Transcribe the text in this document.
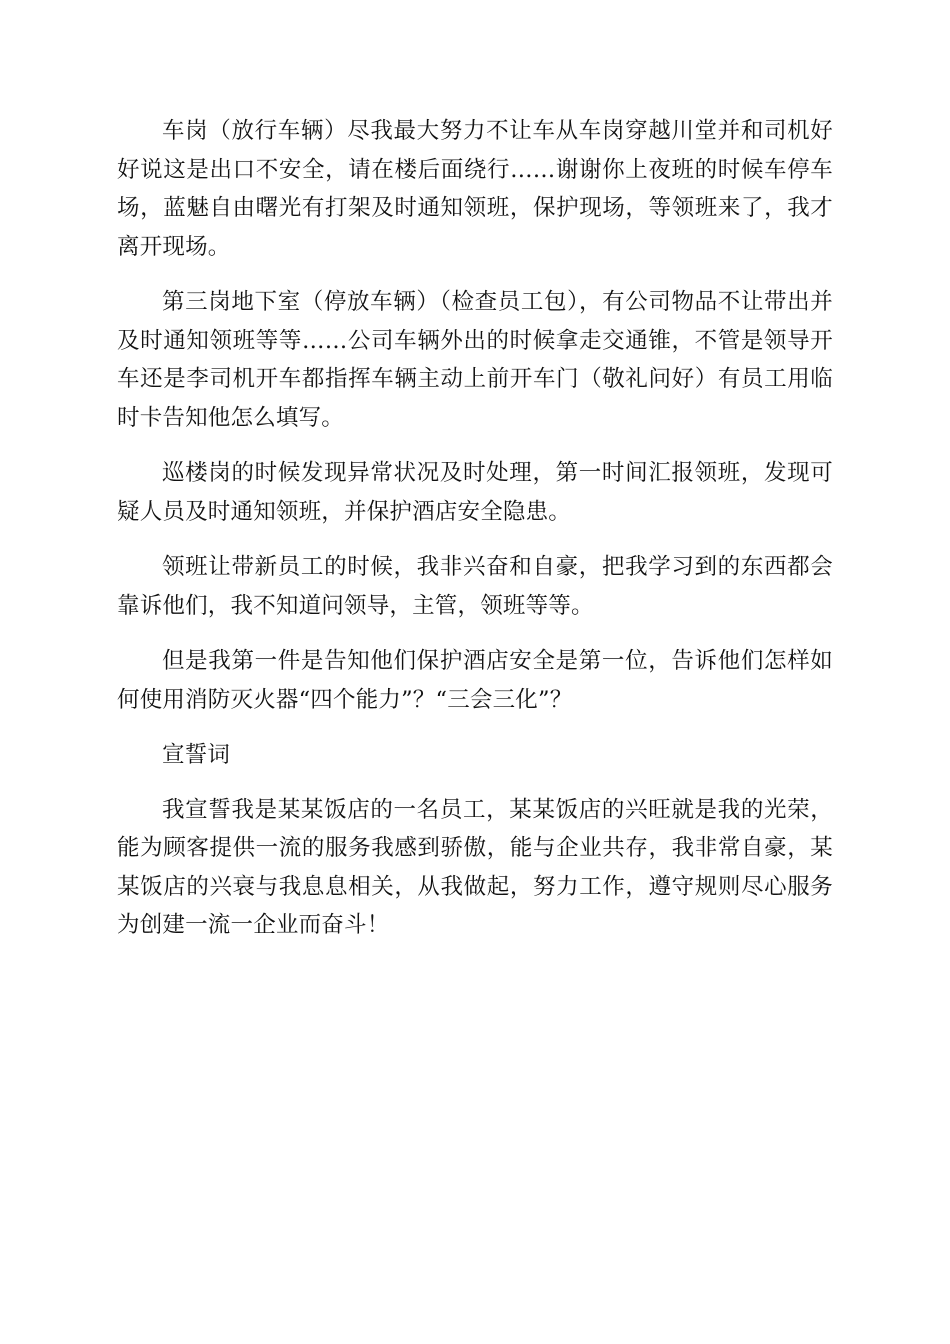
车岗（放行车辆）尽我最大努力不让车从车岗穿越川堂并和司机好好说这是出口不安全，请在楼后面绕行……谢谢你上夜班的时候车停车场，蓝魅自由曙光有打架及时通知领班，保护现场，等领班来了，我才离开现场。

第三岗地下室（停放车辆）（检查员工包），有公司物品不让带出并及时通知领班等等……公司车辆外出的时候拿走交通锥，不管是领导开车还是李司机开车都指挥车辆主动上前开车门（敬礼问好）有员工用临时卡告知他怎么填写。

巡楼岗的时候发现异常状况及时处理，第一时间汇报领班，发现可疑人员及时通知领班，并保护酒店安全隐患。

领班让带新员工的时候，我非兴奋和自豪，把我学习到的东西都会靠诉他们，我不知道问领导，主管，领班等等。

但是我第一件是告知他们保护酒店安全是第一位，告诉他们怎样如何使用消防灭火器“四个能力”？“三会三化”？

宣誓词

我宣誓我是某某饭店的一名员工，某某饭店的兴旺就是我的光荣，能为顾客提供一流的服务我感到骄傲，能与企业共存，我非常自豪，某某饭店的兴衰与我息息相关，从我做起，努力工作，遵守规则尽心服务为创建一流一企业而奋斗！
